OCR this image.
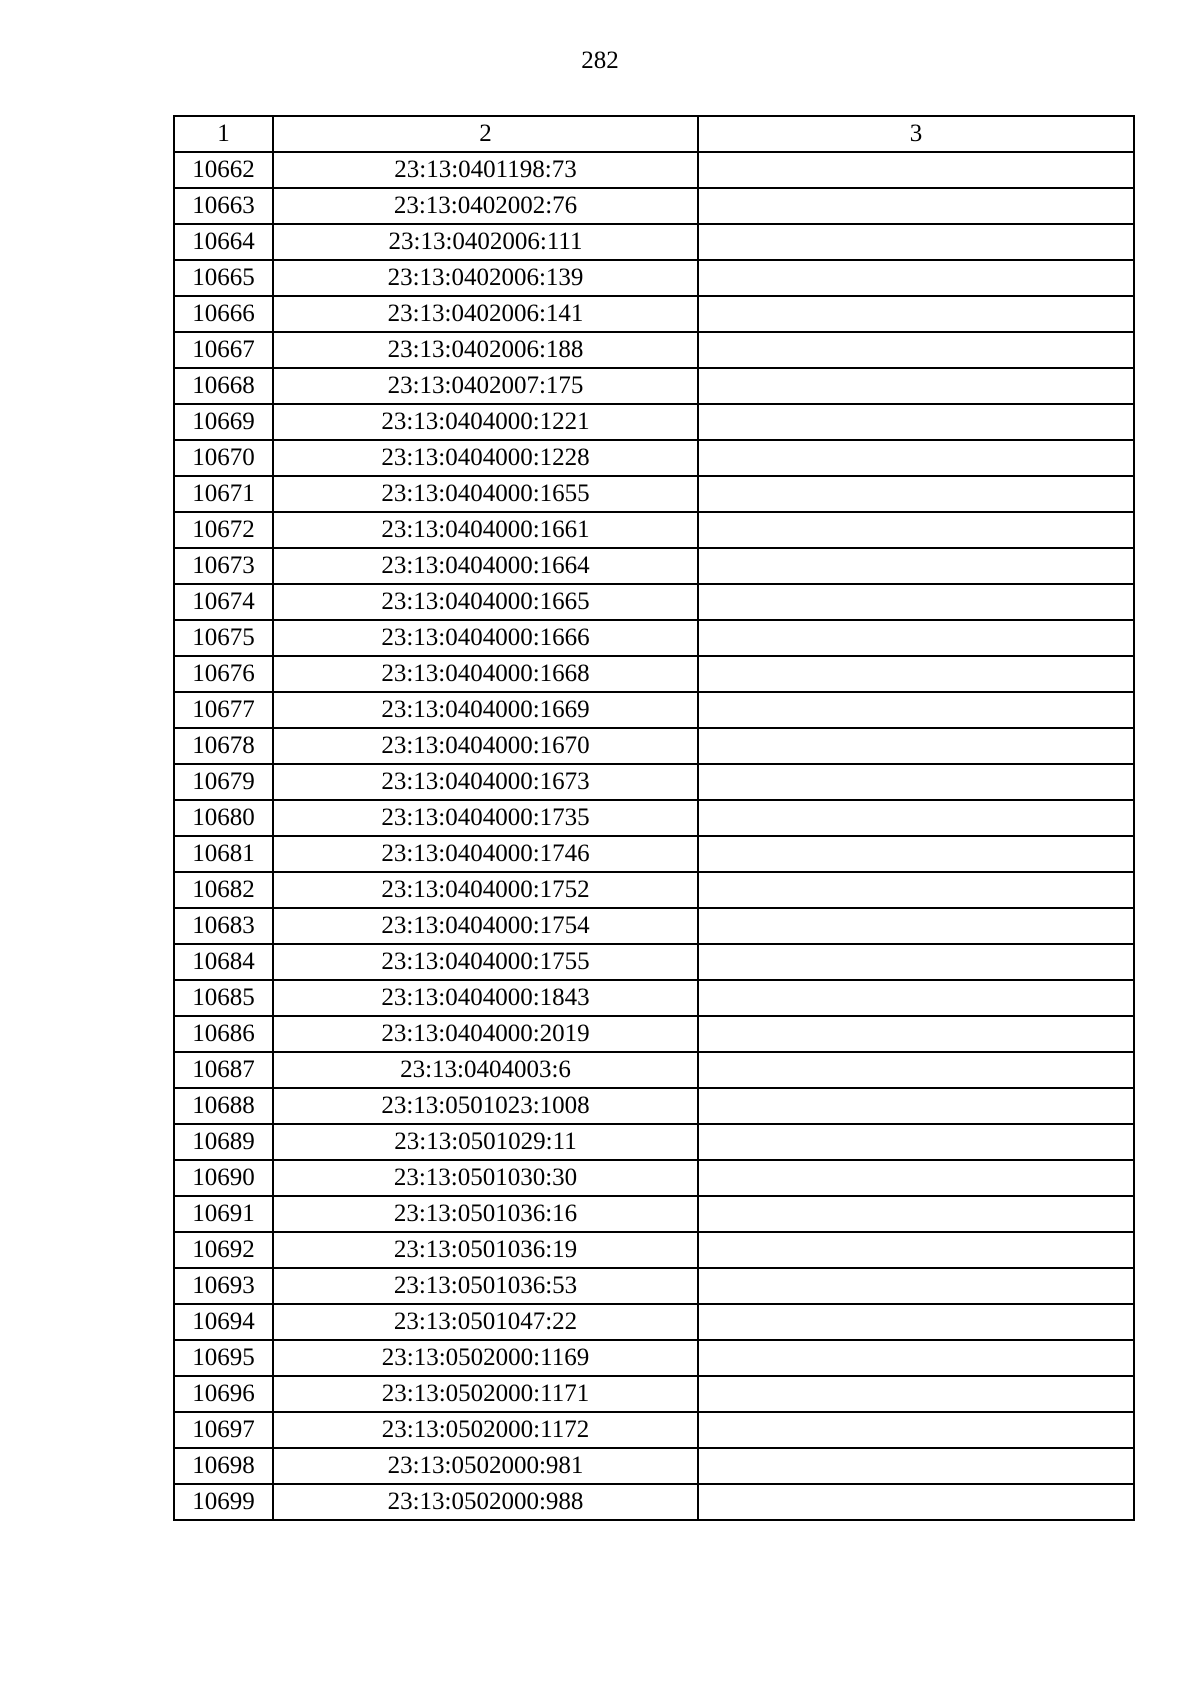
282
1	2	3
10662	23:13:0401198:73	
10663	23:13:0402002:76	
10664	23:13:0402006:111	
10665	23:13:0402006:139	
10666	23:13:0402006:141	
10667	23:13:0402006:188	
10668	23:13:0402007:175	
10669	23:13:0404000:1221	
10670	23:13:0404000:1228	
10671	23:13:0404000:1655	
10672	23:13:0404000:1661	
10673	23:13:0404000:1664	
10674	23:13:0404000:1665	
10675	23:13:0404000:1666	
10676	23:13:0404000:1668	
10677	23:13:0404000:1669	
10678	23:13:0404000:1670	
10679	23:13:0404000:1673	
10680	23:13:0404000:1735	
10681	23:13:0404000:1746	
10682	23:13:0404000:1752	
10683	23:13:0404000:1754	
10684	23:13:0404000:1755	
10685	23:13:0404000:1843	
10686	23:13:0404000:2019	
10687	23:13:0404003:6	
10688	23:13:0501023:1008	
10689	23:13:0501029:11	
10690	23:13:0501030:30	
10691	23:13:0501036:16	
10692	23:13:0501036:19	
10693	23:13:0501036:53	
10694	23:13:0501047:22	
10695	23:13:0502000:1169	
10696	23:13:0502000:1171	
10697	23:13:0502000:1172	
10698	23:13:0502000:981	
10699	23:13:0502000:988	
